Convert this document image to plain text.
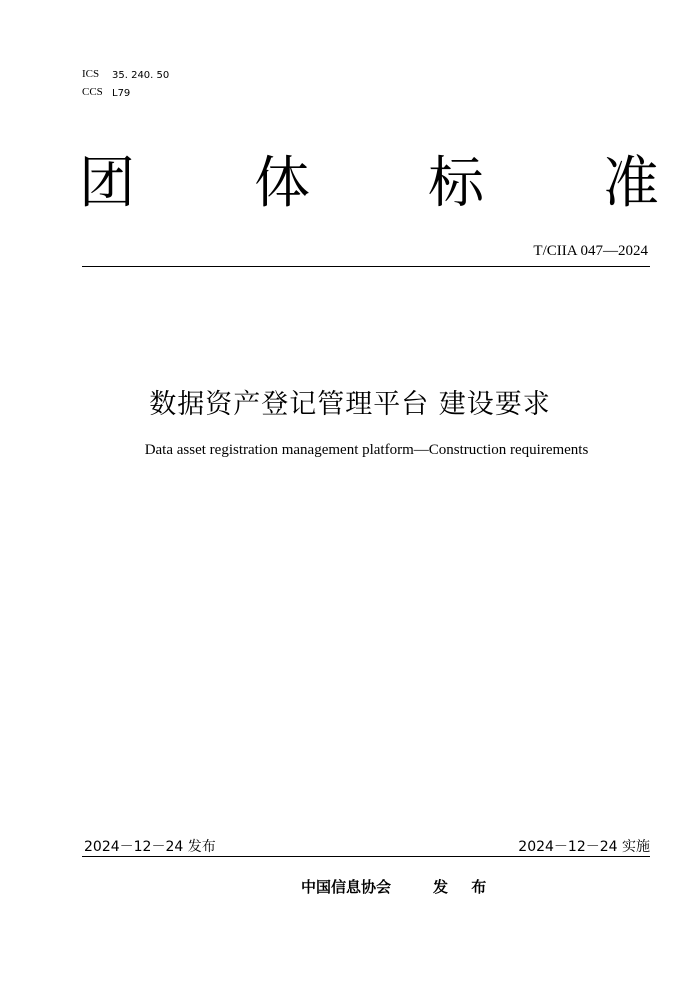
ICS 35. 240. 50
CCS L79
团 体 标 准
T/CIIA 047—2024
数据资产登记管理平台 建设要求
Data asset registration management platform—Construction requirements
2024－12－24 发布	2024－12－24 实施
中国信息协会	发 布
